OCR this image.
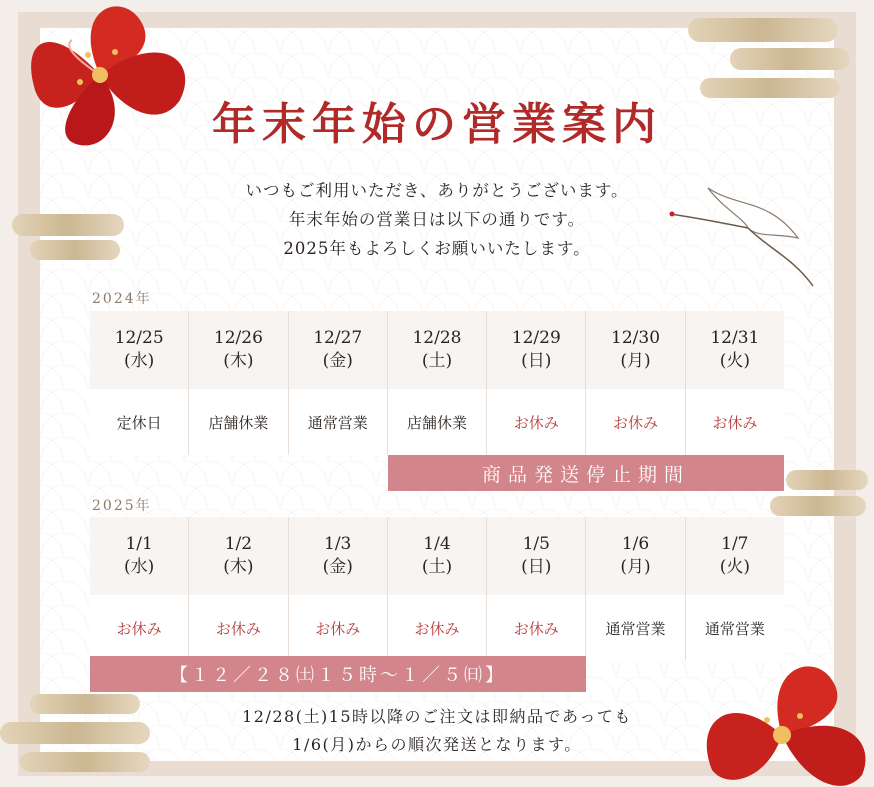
年末年始の営業案内
いつもご利用いただき、ありがとうございます。
年末年始の営業日は以下の通りです。
2025年もよろしくお願いいたします。
2024年
12/25
(水)
定休日
12/26
(木)
店舗休業
12/27
(金)
通常営業
12/28
(土)
店舗休業
12/29
(日)
お休み
12/30
(月)
お休み
12/31
(火)
お休み
商品発送停止期間
2025年
1/1
(水)
お休み
1/2
(木)
お休み
1/3
(金)
お休み
1/4
(土)
お休み
1/5
(日)
お休み
1/6
(月)
通常営業
1/7
(火)
通常営業
【１２／２８㈯１５時～１／５㈰】
12/28(土)15時以降のご注文は即納品であっても
1/6(月)からの順次発送となります。
